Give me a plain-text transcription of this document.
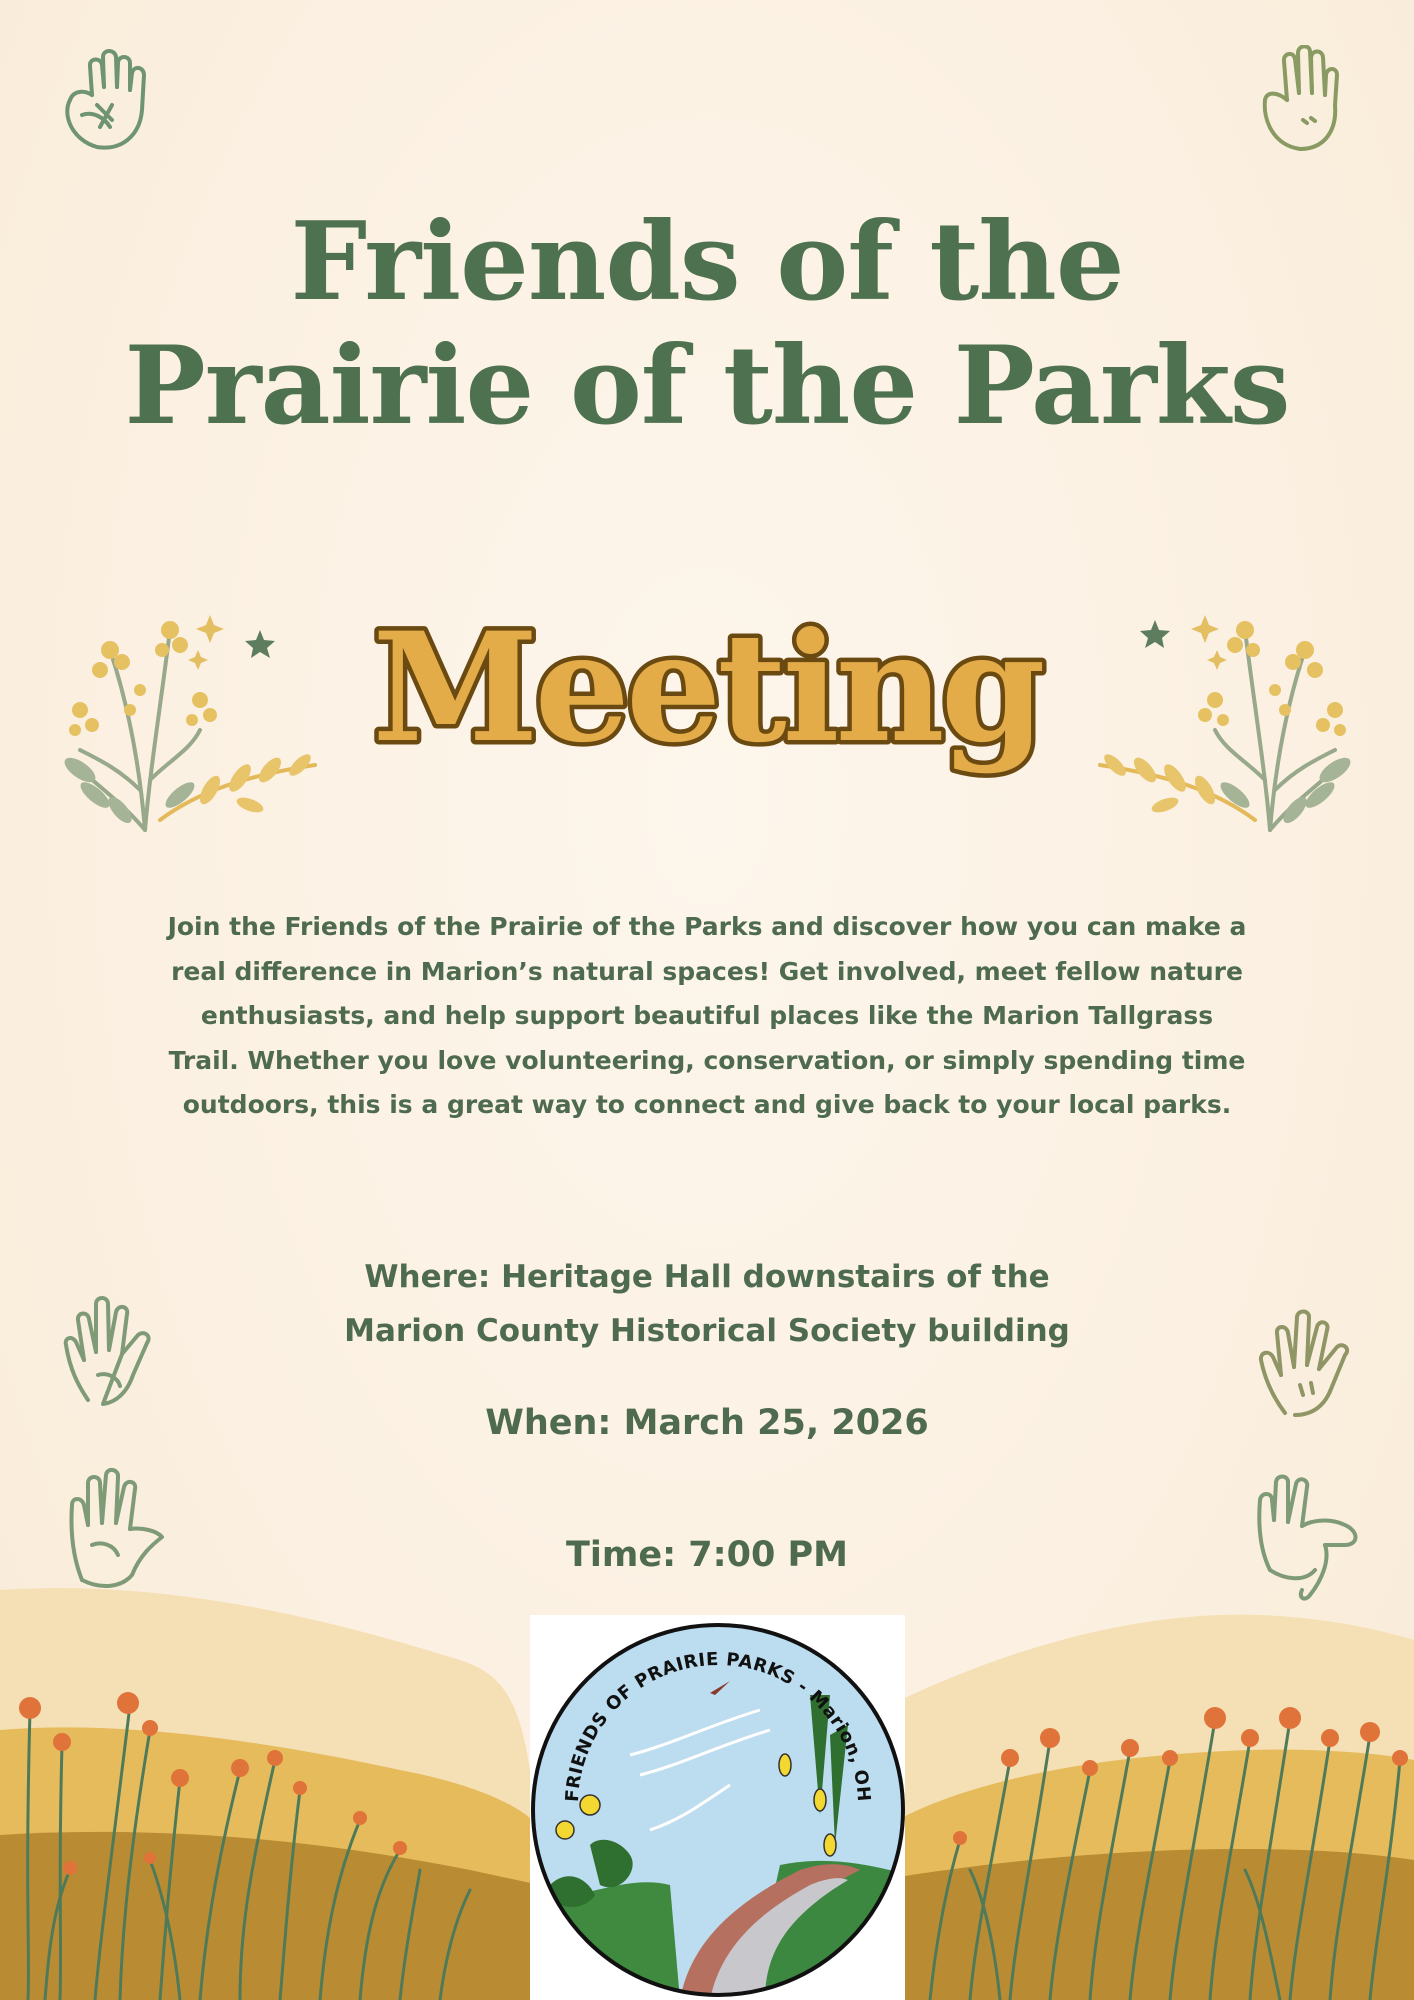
Friends of the
Prairie of the Parks
Meeting
Join the Friends of the Prairie of the Parks and discover how you can make a real difference in Marion’s natural spaces! Get involved, meet fellow nature enthusiasts, and help support beautiful places like the Marion Tallgrass Trail. Whether you love volunteering, conservation, or simply spending time outdoors, this is a great way to connect and give back to your local parks.
Where: Heritage Hall downstairs of the
Marion County Historical Society building
When: March 25, 2026
Time: 7:00 PM
FRIENDS OF PRAIRIE PARKS - Marion, OH
